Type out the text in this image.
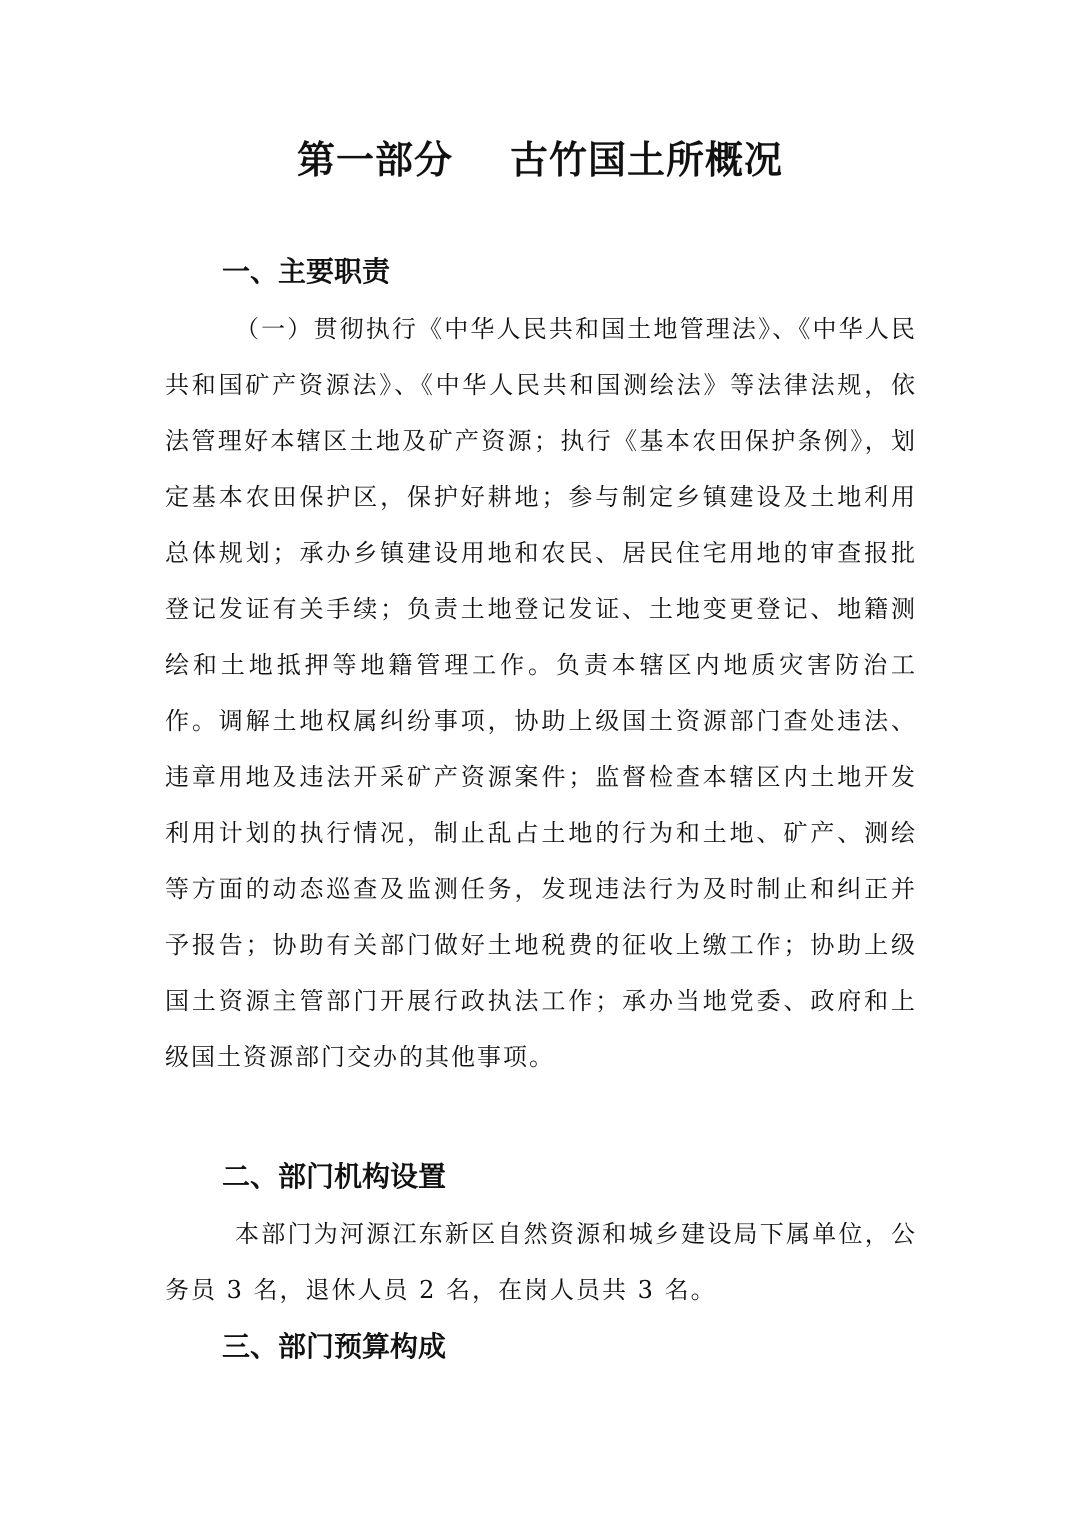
第一部分    古竹国土所概况
一、主要职责
（一）贯彻执行《中华人民共和国土地管理法》、《中华人民共和国矿产资源法》、《中华人民共和国测绘法》等法律法规，依法管理好本辖区土地及矿产资源；执行《基本农田保护条例》，划定基本农田保护区，保护好耕地；参与制定乡镇建设及土地利用总体规划；承办乡镇建设用地和农民、居民住宅用地的审查报批登记发证有关手续；负责土地登记发证、土地变更登记、地籍测绘和土地抵押等地籍管理工作。负责本辖区内地质灾害防治工作。调解土地权属纠纷事项，协助上级国土资源部门查处违法、违章用地及违法开采矿产资源案件；监督检查本辖区内土地开发利用计划的执行情况，制止乱占土地的行为和土地、矿产、测绘等方面的动态巡查及监测任务，发现违法行为及时制止和纠正并予报告；协助有关部门做好土地税费的征收上缴工作；协助上级国土资源主管部门开展行政执法工作；承办当地党委、政府和上级国土资源部门交办的其他事项。
二、部门机构设置
本部门为河源江东新区自然资源和城乡建设局下属单位，公务员 3 名，退休人员 2 名，在岗人员共 3 名。
三、部门预算构成
